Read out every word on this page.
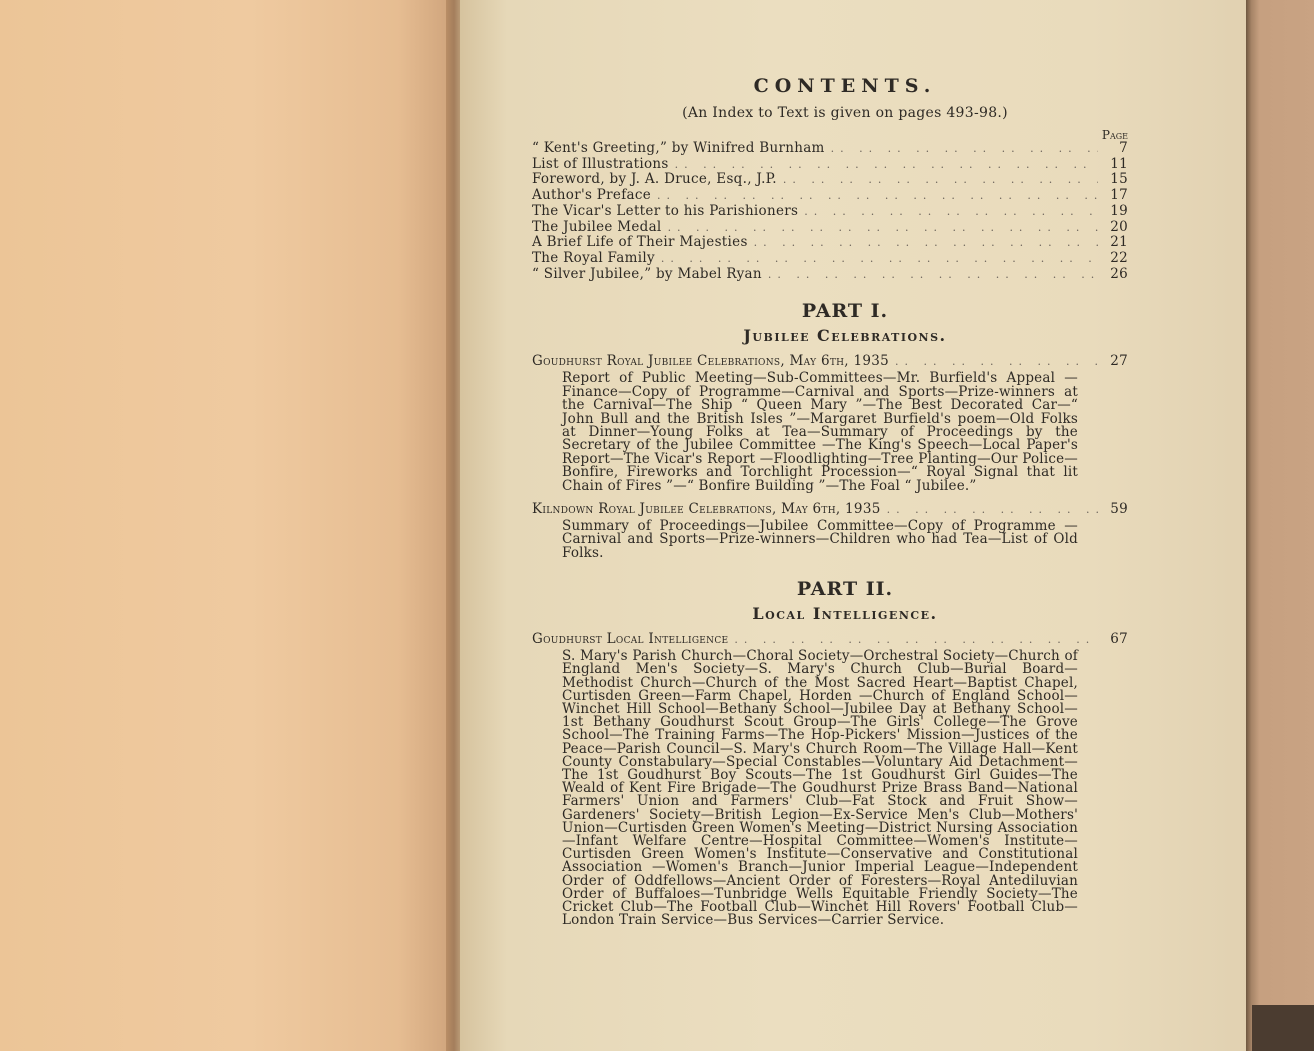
CONTENTS.

(An Index to Text is given on pages 493-98.)

Page
“ Kent's Greeting,” by Winifred Burnham .. ..	7
List of Illustrations .. ..	11
Foreword, by J. A. Druce, Esq., J.P. .. ..	15
Author's Preface .. ..	17
The Vicar's Letter to his Parishioners .. ..	19
The Jubilee Medal .. ..	20
A Brief Life of Their Majesties .. ..	21
The Royal Family .. ..	22
“ Silver Jubilee,” by Mabel Ryan .. ..	26
PART I.
Jubilee Celebrations.
Goudhurst Royal Jubilee Celebrations, May 6th, 1935 .. ..	27

Report of Public Meeting—Sub-Committees—Mr. Burfield's Appeal —Finance—Copy of Programme—Carnival and Sports—Prize-winners at the Carnival—The Ship “ Queen Mary ”—The Best Decorated Car—“ John Bull and the British Isles ”—Margaret Burfield's poem—Old Folks at Dinner—Young Folks at Tea—Summary of Proceedings by the Secretary of the Jubilee Committee —The King's Speech—Local Paper's Report—The Vicar's Report —Floodlighting—Tree Planting—Our Police—Bonfire, Fireworks and Torchlight Procession—“ Royal Signal that lit Chain of Fires ”—“ Bonfire Building ”—The Foal “ Jubilee.”

Kilndown Royal Jubilee Celebrations, May 6th, 1935 .. ..	59

Summary of Proceedings—Jubilee Committee—Copy of Programme —Carnival and Sports—Prize-winners—Children who had Tea—List of Old Folks.

PART II.
Local Intelligence.
Goudhurst Local Intelligence .. ..	67

S. Mary's Parish Church—Choral Society—Orchestral Society—Church of England Men's Society—S. Mary's Church Club—Burial Board—Methodist Church—Church of the Most Sacred Heart—Baptist Chapel, Curtisden Green—Farm Chapel, Horden —Church of England School—Winchet Hill School—Bethany School—Jubilee Day at Bethany School—1st Bethany Goudhurst Scout Group—The Girls' College—The Grove School—The Training Farms—The Hop-Pickers' Mission—Justices of the Peace—Parish Council—S. Mary's Church Room—The Village Hall—Kent County Constabulary—Special Constables—Voluntary Aid Detachment—The 1st Goudhurst Boy Scouts—The 1st Goudhurst Girl Guides—The Weald of Kent Fire Brigade—The Goudhurst Prize Brass Band—National Farmers' Union and Farmers' Club—Fat Stock and Fruit Show—Gardeners' Society—British Legion—Ex-Service Men's Club—Mothers' Union—Curtisden Green Women's Meeting—District Nursing Association—Infant Welfare Centre—Hospital Committee—Women's Institute—Curtisden Green Women's Institute—Conservative and Constitutional Association —Women's Branch—Junior Imperial League—Independent Order of Oddfellows—Ancient Order of Foresters—Royal Antediluvian Order of Buffaloes—Tunbridge Wells Equitable Friendly Society—The Cricket Club—The Football Club—Winchet Hill Rovers' Football Club—London Train Service—Bus Services—Carrier Service.
